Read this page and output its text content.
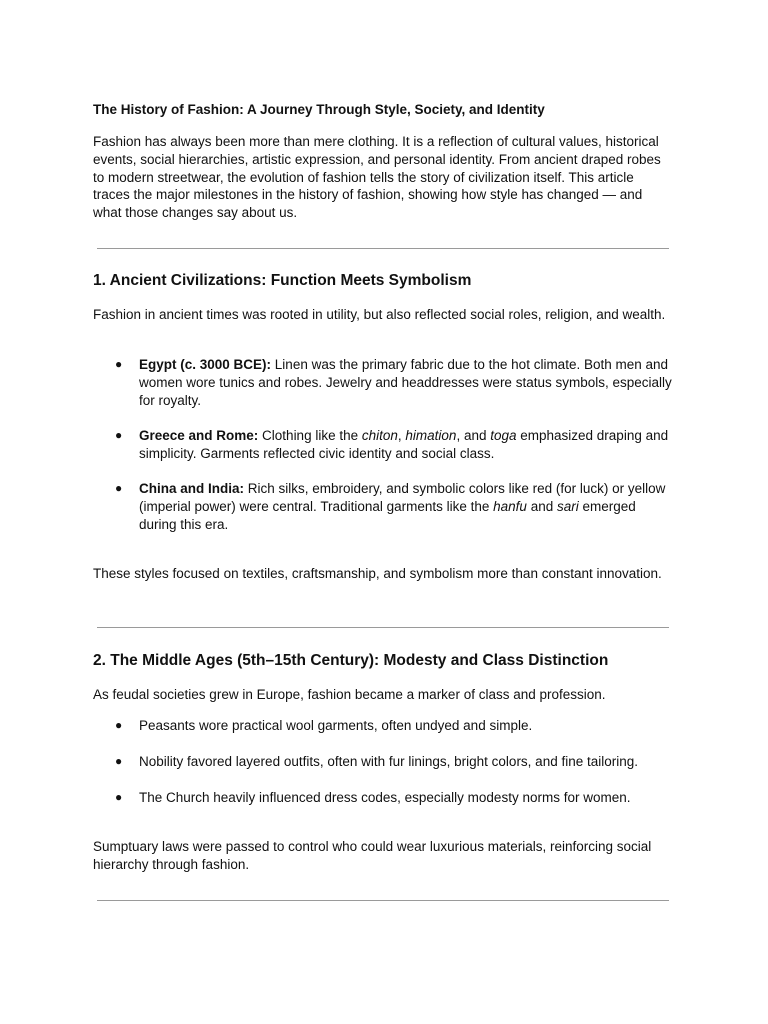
The History of Fashion: A Journey Through Style, Society, and Identity

Fashion has always been more than mere clothing. It is a reflection of cultural values, historical events, social hierarchies, artistic expression, and personal identity. From ancient draped robes to modern streetwear, the evolution of fashion tells the story of civilization itself. This article traces the major milestones in the history of fashion, showing how style has changed — and what those changes say about us.

1. Ancient Civilizations: Function Meets Symbolism

Fashion in ancient times was rooted in utility, but also reflected social roles, religion, and wealth.

● Egypt (c. 3000 BCE): Linen was the primary fabric due to the hot climate. Both men and women wore tunics and robes. Jewelry and headdresses were status symbols, especially for royalty.
● Greece and Rome: Clothing like the chiton, himation, and toga emphasized draping and simplicity. Garments reflected civic identity and social class.
● China and India: Rich silks, embroidery, and symbolic colors like red (for luck) or yellow (imperial power) were central. Traditional garments like the hanfu and sari emerged during this era.

These styles focused on textiles, craftsmanship, and symbolism more than constant innovation.

2. The Middle Ages (5th–15th Century): Modesty and Class Distinction

As feudal societies grew in Europe, fashion became a marker of class and profession.

● Peasants wore practical wool garments, often undyed and simple.
● Nobility favored layered outfits, often with fur linings, bright colors, and fine tailoring.
● The Church heavily influenced dress codes, especially modesty norms for women.

Sumptuary laws were passed to control who could wear luxurious materials, reinforcing social hierarchy through fashion.
